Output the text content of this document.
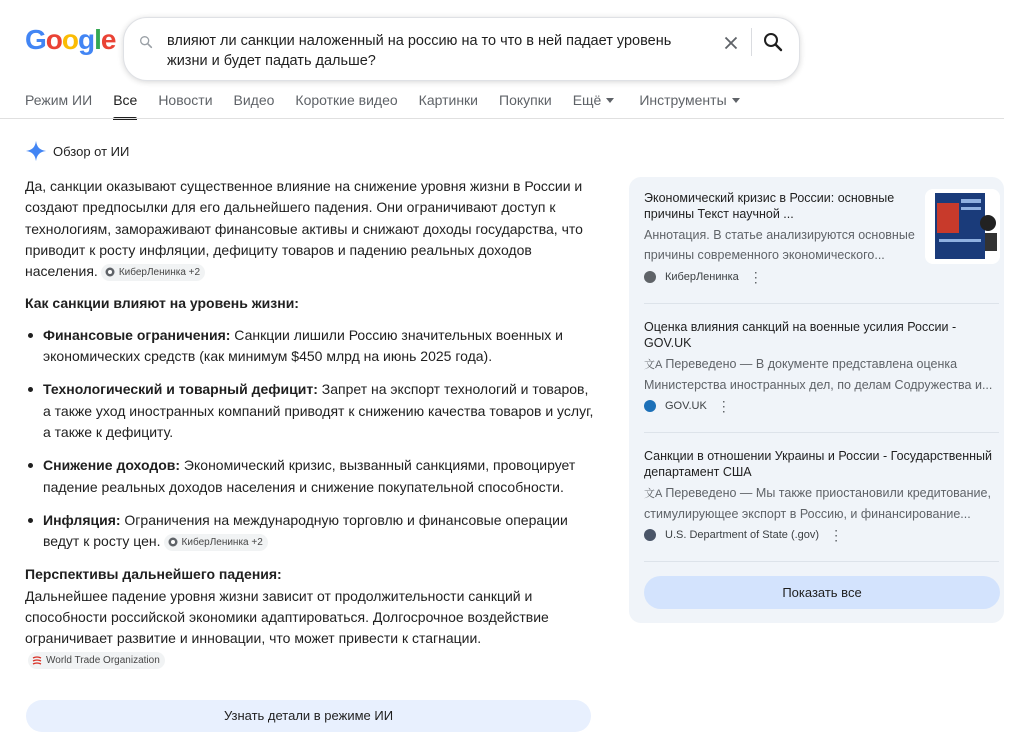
Google	влияют ли санкции наложенный на россию на то что в ней падает уровень жизни и будет падать дальше?
Режим ИИ Все Новости Видео Короткие видео Картинки Покупки Ещё	Инструменты
Обзор от ИИ

Да, санкции оказывают существенное влияние на снижение уровня жизни в России и создают предпосылки для его дальнейшего падения. Они ограничивают доступ к технологиям, замораживают финансовые активы и снижают доходы государства, что приводит к росту инфляции, дефициту товаров и падению реальных доходов населения. КиберЛенинка +2

Как санкции влияют на уровень жизни:
Финансовые ограничения: Санкции лишили Россию значительных военных и экономических средств (как минимум $450 млрд на июнь 2025 года).
Технологический и товарный дефицит: Запрет на экспорт технологий и товаров, а также уход иностранных компаний приводят к снижению качества товаров и услуг, а также к дефициту.
Снижение доходов: Экономический кризис, вызванный санкциями, провоцирует падение реальных доходов населения и снижение покупательной способности.
Инфляция: Ограничения на международную торговлю и финансовые операции ведут к росту цен. КиберЛенинка +2
Перспективы дальнейшего падения:
Дальнейшее падение уровня жизни зависит от продолжительности санкций и способности российской экономики адаптироваться. Долгосрочное воздействие ограничивает развитие и инновации, что может привести к стагнации.
World Trade Organization
Узнать детали в режиме ИИ
Экономический кризис в России: основные причины Текст научной ...
Аннотация. В статье анализируются основные причины современного экономического...
КиберЛенинка ⋮
Оценка влияния санкций на военные усилия России - GOV.UK
文A Переведено — В документе представлена оценка Министерства иностранных дел, по делам Содружества и...
GOV.UK ⋮
Санкции в отношении Украины и России - Государственный департамент США
文A Переведено — Мы также приостановили кредитование, стимулирующее экспорт в Россию, и финансирование...
U.S. Department of State (.gov) ⋮
Показать все
